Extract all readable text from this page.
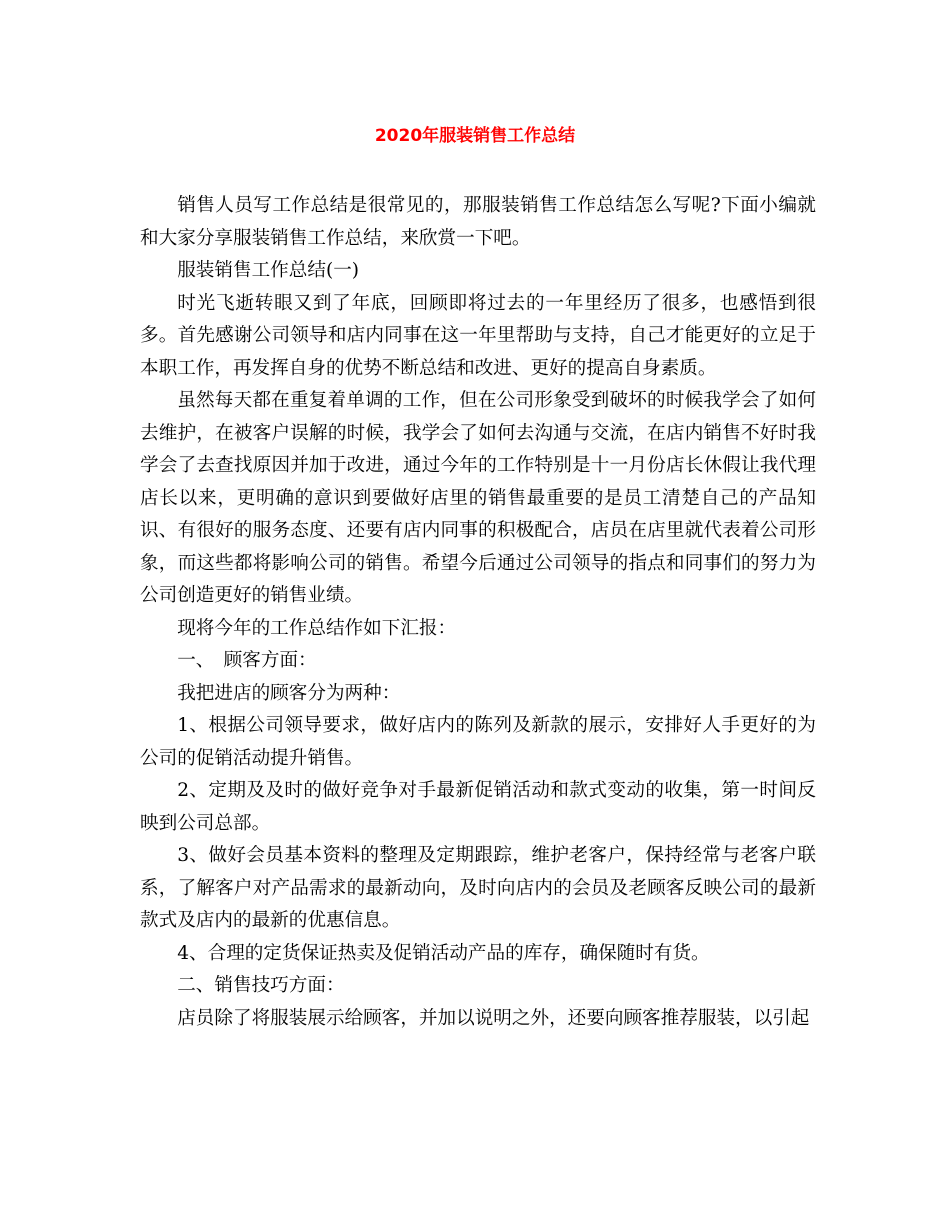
2020年服装销售工作总结

销售人员写工作总结是很常见的，那服装销售工作总结怎么写呢?下面小编就和大家分享服装销售工作总结，来欣赏一下吧。

服装销售工作总结(一)

时光飞逝转眼又到了年底，回顾即将过去的一年里经历了很多，也感悟到很多。首先感谢公司领导和店内同事在这一年里帮助与支持，自己才能更好的立足于本职工作，再发挥自身的优势不断总结和改进、更好的提高自身素质。

虽然每天都在重复着单调的工作，但在公司形象受到破坏的时候我学会了如何去维护，在被客户误解的时候，我学会了如何去沟通与交流，在店内销售不好时我学会了去查找原因并加于改进，通过今年的工作特别是十一月份店长休假让我代理店长以来，更明确的意识到要做好店里的销售最重要的是员工清楚自己的产品知识、有很好的服务态度、还要有店内同事的积极配合，店员在店里就代表着公司形象，而这些都将影响公司的销售。希望今后通过公司领导的指点和同事们的努力为公司创造更好的销售业绩。

现将今年的工作总结作如下汇报：

一、　顾客方面：

我把进店的顾客分为两种：

1、根据公司领导要求，做好店内的陈列及新款的展示，安排好人手更好的为公司的促销活动提升销售。

2、定期及及时的做好竞争对手最新促销活动和款式变动的收集，第一时间反映到公司总部。

3、做好会员基本资料的整理及定期跟踪，维护老客户，保持经常与老客户联系，了解客户对产品需求的最新动向，及时向店内的会员及老顾客反映公司的最新款式及店内的最新的优惠信息。

4、合理的定货保证热卖及促销活动产品的库存，确保随时有货。

二、销售技巧方面：

店员除了将服装展示给顾客，并加以说明之外，还要向顾客推荐服装，以引起
